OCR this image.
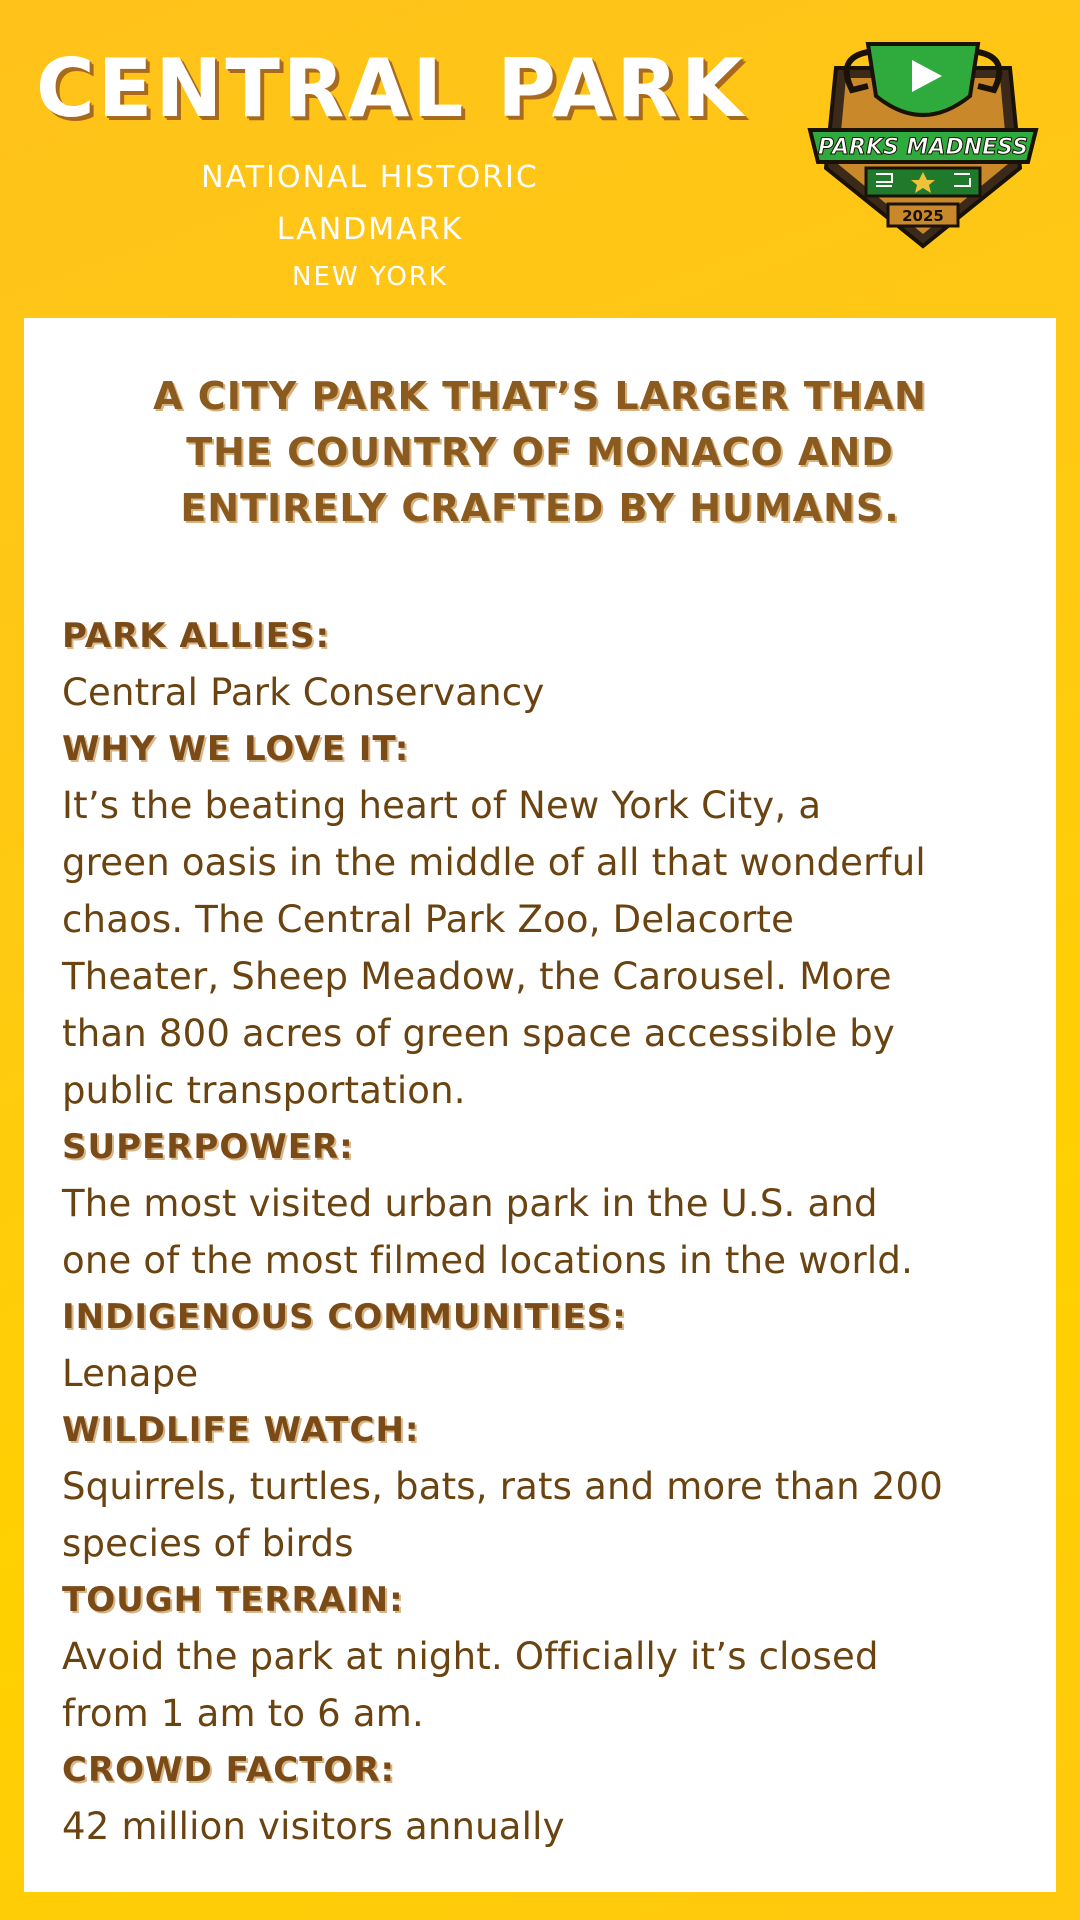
CENTRAL PARK
NATIONAL HISTORIC
LANDMARK
NEW YORK
PARKS MADNESS
2025
A CITY PARK THAT’S LARGER THAN
THE COUNTRY OF MONACO AND
ENTIRELY CRAFTED BY HUMANS.
PARK ALLIES:
Central Park Conservancy
WHY WE LOVE IT:
It’s the beating heart of New York City, a
green oasis in the middle of all that wonderful
chaos. The Central Park Zoo, Delacorte
Theater, Sheep Meadow, the Carousel. More
than 800 acres of green space accessible by
public transportation.
SUPERPOWER:
The most visited urban park in the U.S. and
one of the most filmed locations in the world.
INDIGENOUS COMMUNITIES:
Lenape
WILDLIFE WATCH:
Squirrels, turtles, bats, rats and more than 200
species of birds
TOUGH TERRAIN:
Avoid the park at night. Officially it’s closed
from 1 am to 6 am.
CROWD FACTOR:
42 million visitors annually
